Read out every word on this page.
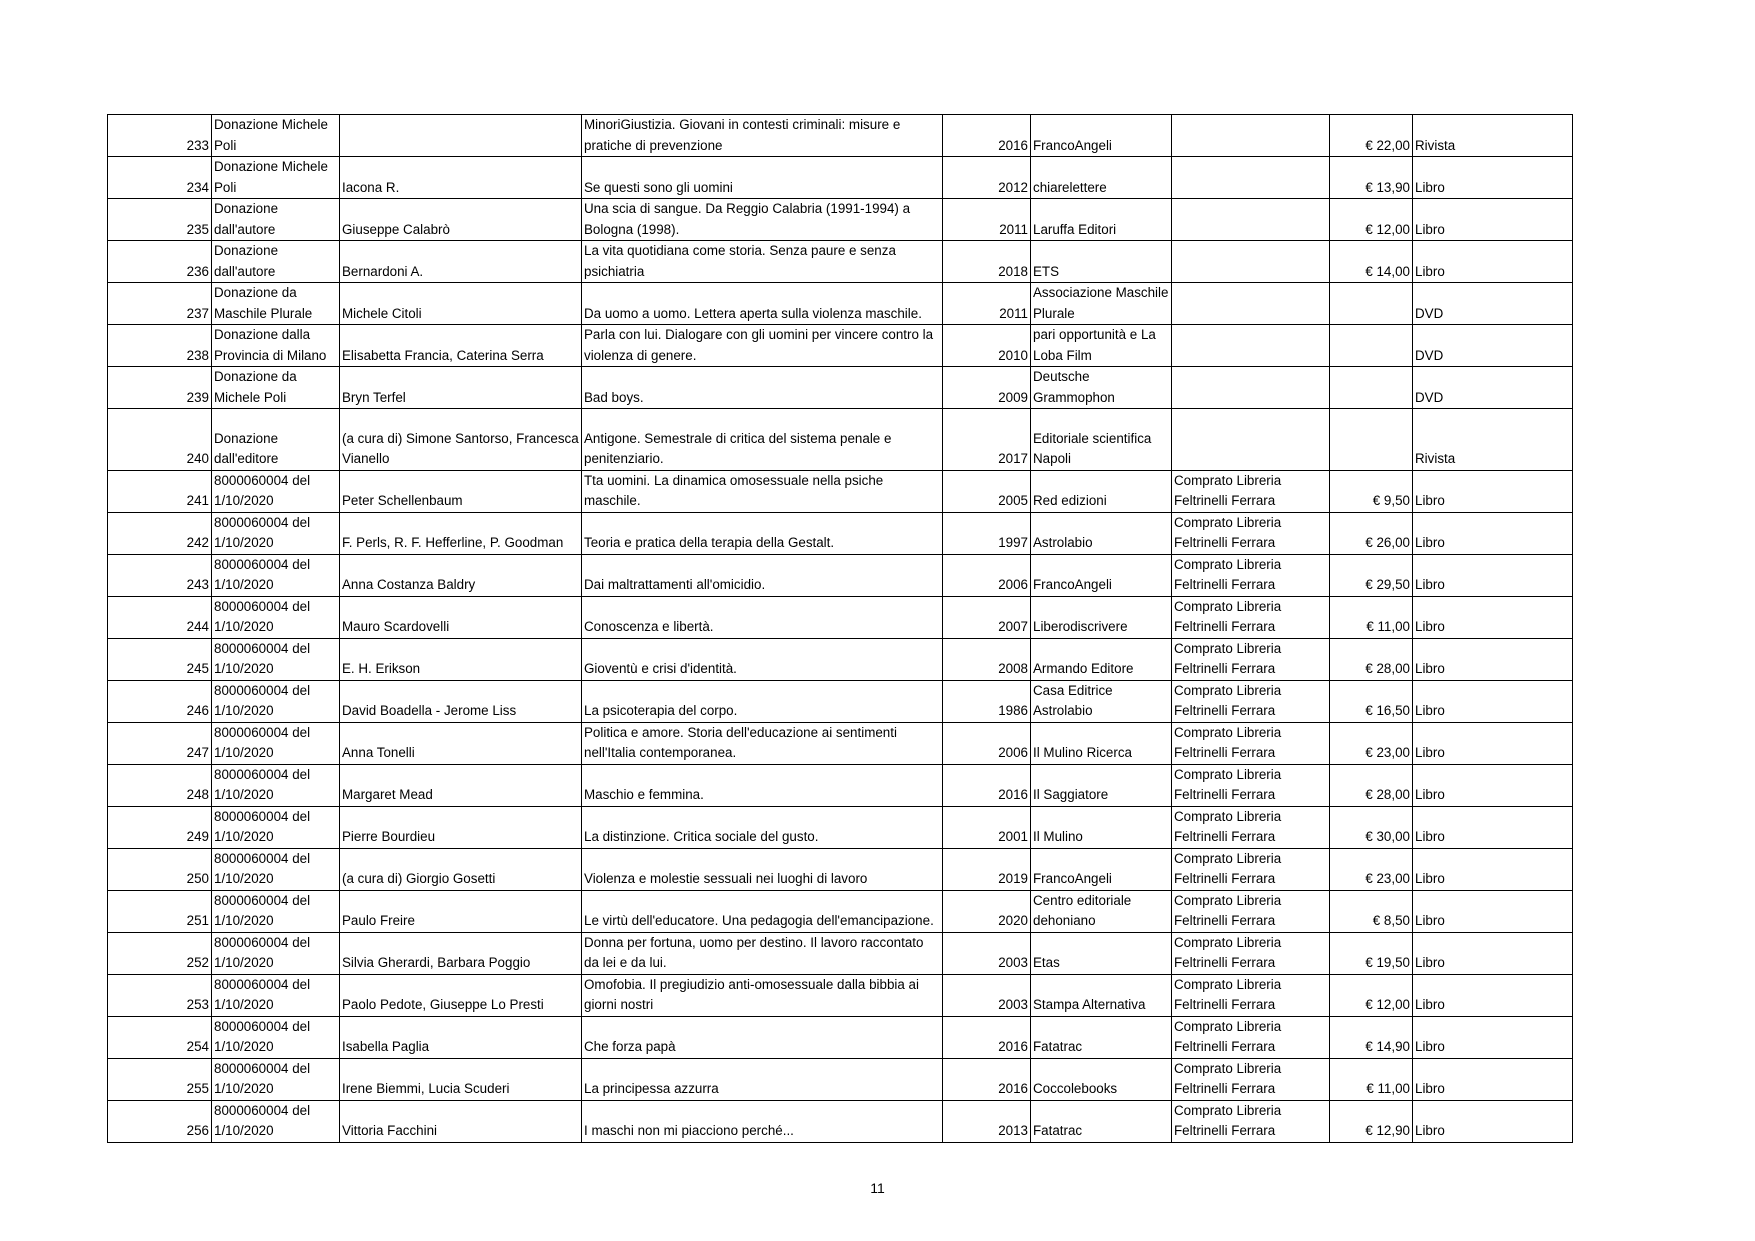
233	Donazione Michele Poli		MinoriGiustizia. Giovani in contesti criminali: misure e pratiche di prevenzione	2016	FrancoAngeli		€ 22,00	Rivista
234	Donazione Michele Poli	Iacona R.	Se questi sono gli uomini	2012	chiarelettere		€ 13,90	Libro
235	Donazione dall'autore	Giuseppe Calabrò	Una scia di sangue. Da Reggio Calabria (1991-1994) a Bologna (1998).	2011	Laruffa Editori		€ 12,00	Libro
236	Donazione dall'autore	Bernardoni A.	La vita quotidiana come storia. Senza paure e senza psichiatria	2018	ETS		€ 14,00	Libro
237	Donazione da Maschile Plurale	Michele Citoli	Da uomo a uomo. Lettera aperta sulla violenza maschile.	2011	Associazione Maschile Plurale			DVD
238	Donazione dalla Provincia di Milano	Elisabetta Francia, Caterina Serra	Parla con lui. Dialogare con gli uomini per vincere contro la violenza di genere.	2010	pari opportunità e La Loba Film			DVD
239	Donazione da Michele Poli	Bryn Terfel	Bad boys.	2009	Deutsche Grammophon			DVD
240	Donazione dall'editore	(a cura di) Simone Santorso, Francesca Vianello	Antigone. Semestrale di critica del sistema penale e penitenziario.	2017	Editoriale scientifica Napoli			Rivista
241	8000060004 del 1/10/2020	Peter Schellenbaum	Tta uomini. La dinamica omosessuale nella psiche maschile.	2005	Red edizioni	Comprato Libreria Feltrinelli Ferrara	€ 9,50	Libro
242	8000060004 del 1/10/2020	F. Perls, R. F. Hefferline, P. Goodman	Teoria e pratica della terapia della Gestalt.	1997	Astrolabio	Comprato Libreria Feltrinelli Ferrara	€ 26,00	Libro
243	8000060004 del 1/10/2020	Anna Costanza Baldry	Dai maltrattamenti all'omicidio.	2006	FrancoAngeli	Comprato Libreria Feltrinelli Ferrara	€ 29,50	Libro
244	8000060004 del 1/10/2020	Mauro Scardovelli	Conoscenza e libertà.	2007	Liberodiscrivere	Comprato Libreria Feltrinelli Ferrara	€ 11,00	Libro
245	8000060004 del 1/10/2020	E. H. Erikson	Gioventù e crisi d'identità.	2008	Armando Editore	Comprato Libreria Feltrinelli Ferrara	€ 28,00	Libro
246	8000060004 del 1/10/2020	David Boadella - Jerome Liss	La psicoterapia del corpo.	1986	Casa Editrice Astrolabio	Comprato Libreria Feltrinelli Ferrara	€ 16,50	Libro
247	8000060004 del 1/10/2020	Anna Tonelli	Politica e amore. Storia dell'educazione ai sentimenti nell'Italia contemporanea.	2006	Il Mulino Ricerca	Comprato Libreria Feltrinelli Ferrara	€ 23,00	Libro
248	8000060004 del 1/10/2020	Margaret Mead	Maschio e femmina.	2016	Il Saggiatore	Comprato Libreria Feltrinelli Ferrara	€ 28,00	Libro
249	8000060004 del 1/10/2020	Pierre Bourdieu	La distinzione. Critica sociale del gusto.	2001	Il Mulino	Comprato Libreria Feltrinelli Ferrara	€ 30,00	Libro
250	8000060004 del 1/10/2020	(a cura di) Giorgio Gosetti	Violenza e molestie sessuali nei luoghi di lavoro	2019	FrancoAngeli	Comprato Libreria Feltrinelli Ferrara	€ 23,00	Libro
251	8000060004 del 1/10/2020	Paulo Freire	Le virtù dell'educatore. Una pedagogia dell'emancipazione.	2020	Centro editoriale dehoniano	Comprato Libreria Feltrinelli Ferrara	€ 8,50	Libro
252	8000060004 del 1/10/2020	Silvia Gherardi, Barbara Poggio	Donna per fortuna, uomo per destino. Il lavoro raccontato da lei e da lui.	2003	Etas	Comprato Libreria Feltrinelli Ferrara	€ 19,50	Libro
253	8000060004 del 1/10/2020	Paolo Pedote, Giuseppe Lo Presti	Omofobia. Il pregiudizio anti-omosessuale dalla bibbia ai giorni nostri	2003	Stampa Alternativa	Comprato Libreria Feltrinelli Ferrara	€ 12,00	Libro
254	8000060004 del 1/10/2020	Isabella Paglia	Che forza papà	2016	Fatatrac	Comprato Libreria Feltrinelli Ferrara	€ 14,90	Libro
255	8000060004 del 1/10/2020	Irene Biemmi, Lucia Scuderi	La principessa azzurra	2016	Coccolebooks	Comprato Libreria Feltrinelli Ferrara	€ 11,00	Libro
256	8000060004 del 1/10/2020	Vittoria Facchini	I maschi non mi piacciono perché...	2013	Fatatrac	Comprato Libreria Feltrinelli Ferrara	€ 12,90	Libro
11
